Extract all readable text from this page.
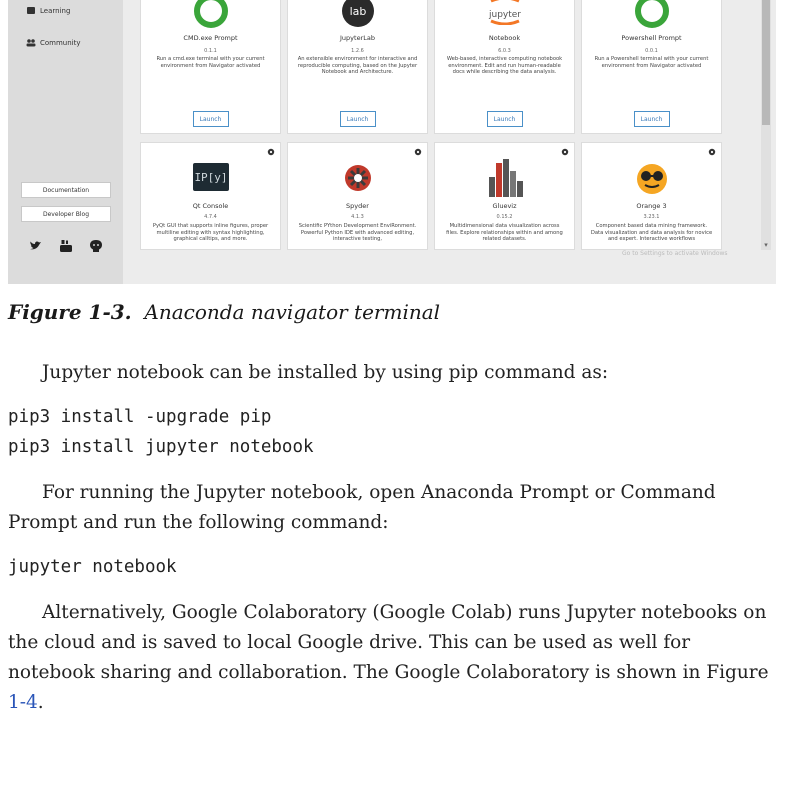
Learning
Community
Documentation
Developer Blog
CMD.exe Prompt
0.1.1
Run a cmd.exe terminal with your current environment from Navigator activated
Launch
lab
JupyterLab
1.2.6
An extensible environment for interactive and reproducible computing, based on the Jupyter Notebook and Architecture.
Launch
jupyter
Notebook
6.0.3
Web-based, interactive computing notebook environment. Edit and run human-readable docs while describing the data analysis.
Launch
Powershell Prompt
0.0.1
Run a Powershell terminal with your current environment from Navigator activated
Launch
IP[y]
Qt Console
4.7.4
PyQt GUI that supports inline figures, proper multiline editing with syntax highlighting, graphical calltips, and more.
Spyder
4.1.3
Scientific PYthon Development EnviRonment. Powerful Python IDE with advanced editing, interactive testing,
Glueviz
0.15.2
Multidimensional data visualization across files. Explore relationships within and among related datasets.
Orange 3
3.23.1
Component based data mining framework. Data visualization and data analysis for novice and expert. Interactive workflows
▾
Go to Settings to activate Windows
Figure 1-3. Anaconda navigator terminal

Jupyter notebook can be installed by using pip command as:

pip3 install -upgrade pip
pip3 install jupyter notebook

For running the Jupyter notebook, open Anaconda Prompt or Command Prompt and run the following command:

jupyter notebook

Alternatively, Google Colaboratory (Google Colab) runs Jupyter notebooks on the cloud and is saved to local Google drive. This can be used as well for notebook sharing and collaboration. The Google Colaboratory is shown in Figure 1-4.
